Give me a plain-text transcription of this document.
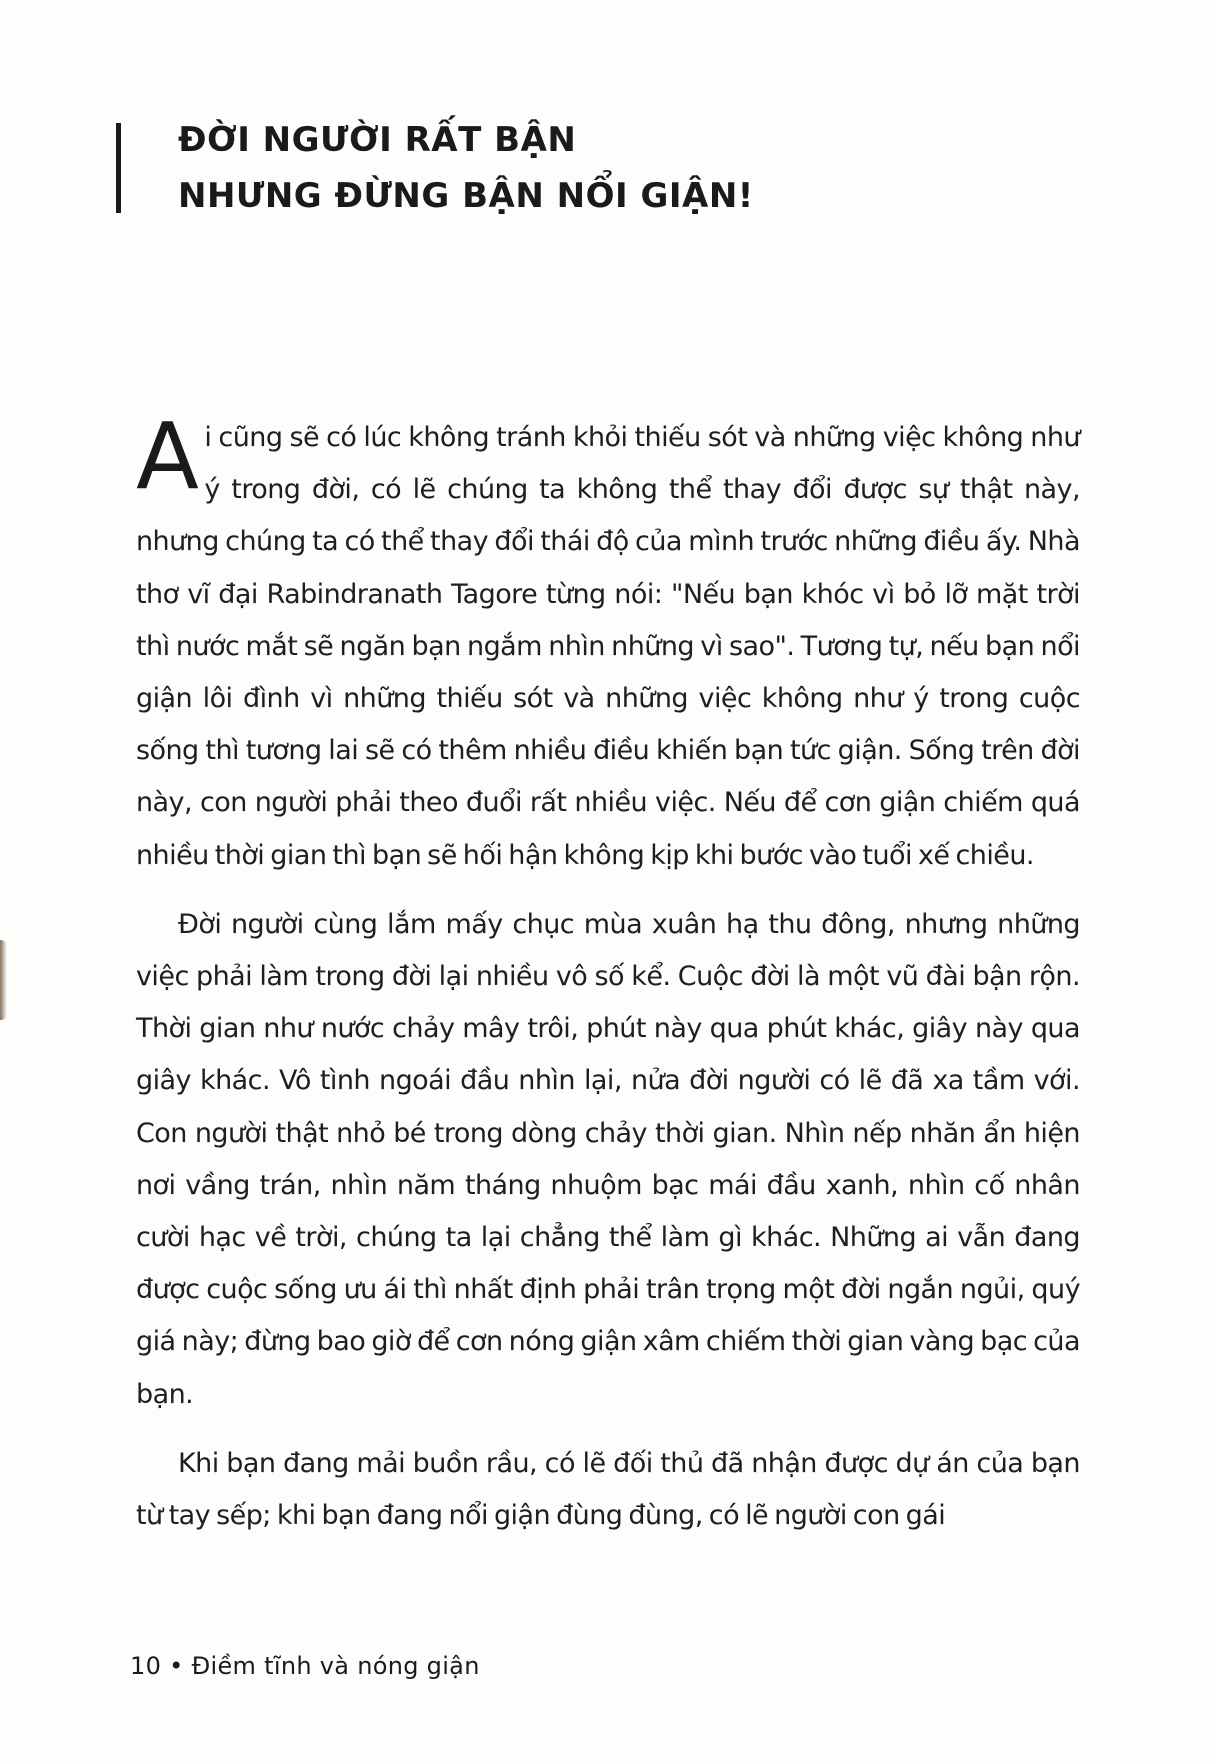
ĐỜI NGƯỜI RẤT BẬN
NHƯNG ĐỪNG BẬN NỔI GIẬN!

Ai cũng sẽ có lúc không tránh khỏi thiếu sót và những việc không như ý trong đời, có lẽ chúng ta không thể thay đổi được sự thật này, nhưng chúng ta có thể thay đổi thái độ của mình trước những điều ấy. Nhà thơ vĩ đại Rabindranath Tagore từng nói: "Nếu bạn khóc vì bỏ lỡ mặt trời thì nước mắt sẽ ngăn bạn ngắm nhìn những vì sao". Tương tự, nếu bạn nổi giận lôi đình vì những thiếu sót và những việc không như ý trong cuộc sống thì tương lai sẽ có thêm nhiều điều khiến bạn tức giận. Sống trên đời này, con người phải theo đuổi rất nhiều việc. Nếu để cơn giận chiếm quá nhiều thời gian thì bạn sẽ hối hận không kịp khi bước vào tuổi xế chiều.

Đời người cùng lắm mấy chục mùa xuân hạ thu đông, nhưng những việc phải làm trong đời lại nhiều vô số kể. Cuộc đời là một vũ đài bận rộn. Thời gian như nước chảy mây trôi, phút này qua phút khác, giây này qua giây khác. Vô tình ngoái đầu nhìn lại, nửa đời người có lẽ đã xa tầm với. Con người thật nhỏ bé trong dòng chảy thời gian. Nhìn nếp nhăn ẩn hiện nơi vầng trán, nhìn năm tháng nhuộm bạc mái đầu xanh, nhìn cố nhân cười hạc về trời, chúng ta lại chẳng thể làm gì khác. Những ai vẫn đang được cuộc sống ưu ái thì nhất định phải trân trọng một đời ngắn ngủi, quý giá này; đừng bao giờ để cơn nóng giận xâm chiếm thời gian vàng bạc của bạn.

Khi bạn đang mải buồn rầu, có lẽ đối thủ đã nhận được dự án của bạn từ tay sếp; khi bạn đang nổi giận đùng đùng, có lẽ người con gái

10 • Điềm tĩnh và nóng giận
